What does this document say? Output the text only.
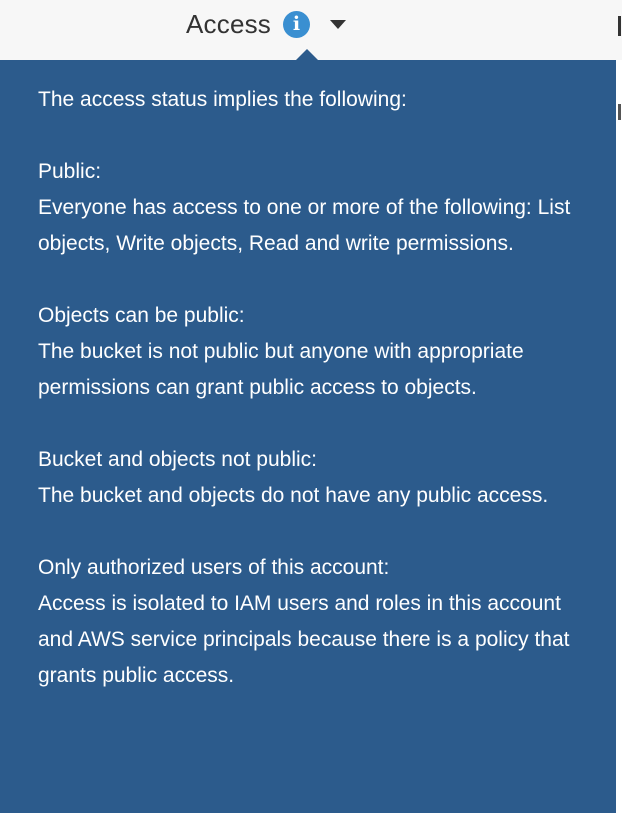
Access	i

The access status implies the following:

Public:
Everyone has access to one or more of the following: List objects, Write objects, Read and write permissions.
Objects can be public:
The bucket is not public but anyone with appropriate permissions can grant public access to objects.
Bucket and objects not public:
The bucket and objects do not have any public access.
Only authorized users of this account:
Access is isolated to IAM users and roles in this account and AWS service principals because there is a policy that grants public access.
